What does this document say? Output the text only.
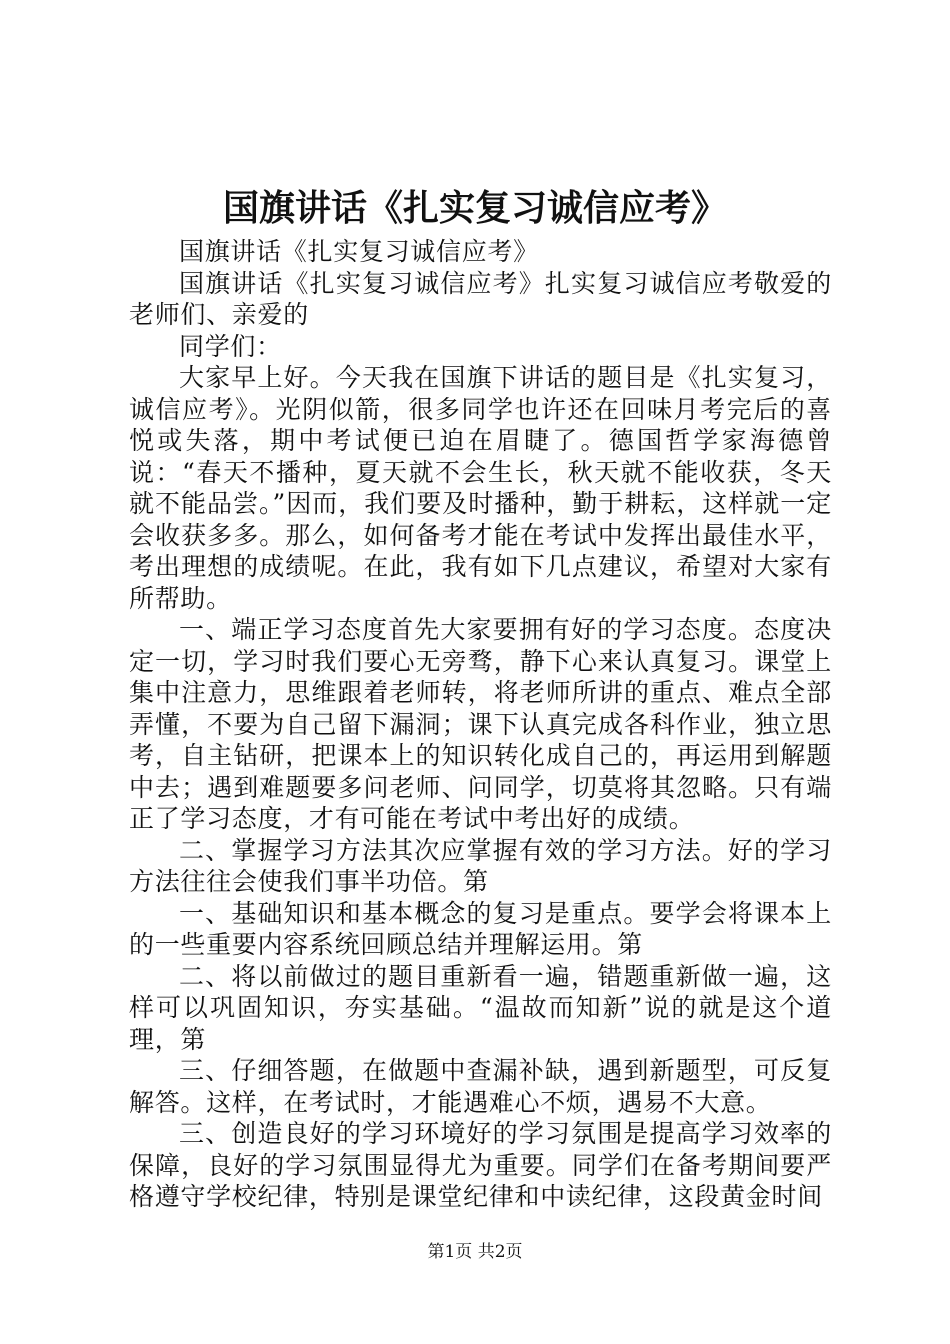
国旗讲话《扎实复习诚信应考》

国旗讲话《扎实复习诚信应考》

国旗讲话《扎实复习诚信应考》扎实复习诚信应考敬爱的老师们、亲爱的

同学们：

大家早上好。今天我在国旗下讲话的题目是《扎实复习，诚信应考》。光阴似箭，很多同学也许还在回味月考完后的喜悦或失落，期中考试便已迫在眉睫了。德国哲学家海德曾说：“春天不播种，夏天就不会生长，秋天就不能收获，冬天就不能品尝。”因而，我们要及时播种，勤于耕耘，这样就一定会收获多多。那么，如何备考才能在考试中发挥出最佳水平，考出理想的成绩呢。在此，我有如下几点建议，希望对大家有所帮助。

一、端正学习态度首先大家要拥有好的学习态度。态度决定一切，学习时我们要心无旁骛，静下心来认真复习。课堂上集中注意力，思维跟着老师转，将老师所讲的重点、难点全部弄懂，不要为自己留下漏洞；课下认真完成各科作业，独立思考，自主钻研，把课本上的知识转化成自己的，再运用到解题中去；遇到难题要多问老师、问同学，切莫将其忽略。只有端正了学习态度，才有可能在考试中考出好的成绩。

二、掌握学习方法其次应掌握有效的学习方法。好的学习方法往往会使我们事半功倍。第

一、基础知识和基本概念的复习是重点。要学会将课本上的一些重要内容系统回顾总结并理解运用。第

二、将以前做过的题目重新看一遍，错题重新做一遍，这样可以巩固知识，夯实基础。“温故而知新”说的就是这个道理，第

三、仔细答题，在做题中查漏补缺，遇到新题型，可反复解答。这样，在考试时，才能遇难心不烦，遇易不大意。

三、创造良好的学习环境好的学习氛围是提高学习效率的保障，良好的学习氛围显得尤为重要。同学们在备考期间要严格遵守学校纪律，特别是课堂纪律和中读纪律，这段黄金时间

第1页 共2页
